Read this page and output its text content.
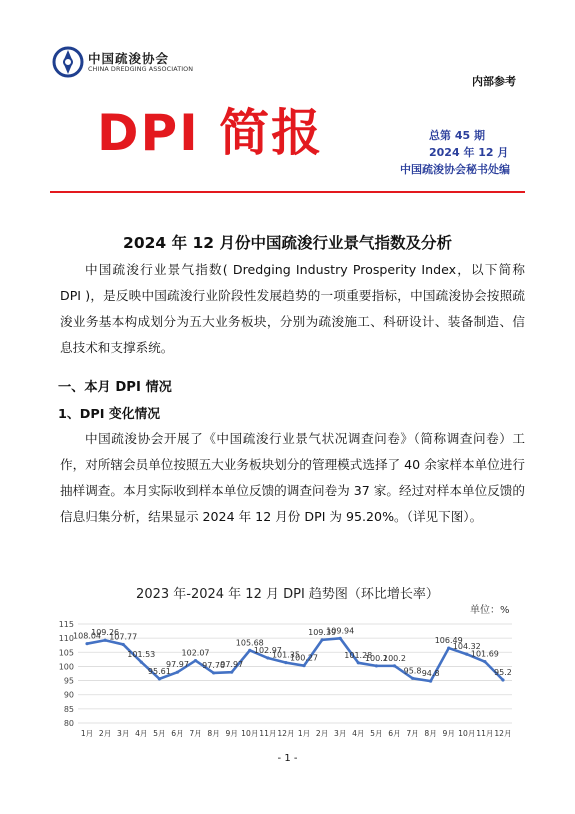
中国疏浚协会
CHINA DREDGING ASSOCIATION
内部参考
DPI 简报	总第 45 期
2024 年 12 月
中国疏浚协会秘书处编
2024 年 12 月份中国疏浚行业景气指数及分析

中国疏浚行业景气指数( Dredging Industry Prosperity Index，以下简称 DPI )，是反映中国疏浚行业阶段性发展趋势的一项重要指标，中国疏浚协会按照疏浚业务基本构成划分为五大业务板块，分别为疏浚施工、科研设计、装备制造、信息技术和支撑系统。

一、本月 DPI 情况
1、DPI 变化情况

中国疏浚协会开展了《中国疏浚行业景气状况调查问卷》（简称调查问卷）工作，对所辖会员单位按照五大业务板块划分的管理模式选择了 40 余家样本单位进行抽样调查。本月实际收到样本单位反馈的调查问卷为 37 家。经过对样本单位反馈的信息归集分析，结果显示 2024 年 12 月份 DPI 为 95.20%。（详见下图）。

2023 年-2024 年 12 月 DPI 趋势图（环比增长率）
单位：%
80
85
90
95
100
105
110
115
1月 2月 3月 4月 5月 6月 7月 8月 9月 10月 11月 12月 1月 2月 3月 4月 5月 6月 7月 8月 9月 10月 11月 12月
108.04
109.26
107.77
101.53
95.61
97.97
102.07
97.70
97.97
105.68
102.97
101.35
100.27
109.39
109.94
101.28
100.2
100.2
95.8 94.8
106.49
104.32
101.69
95.2
- 1 -
